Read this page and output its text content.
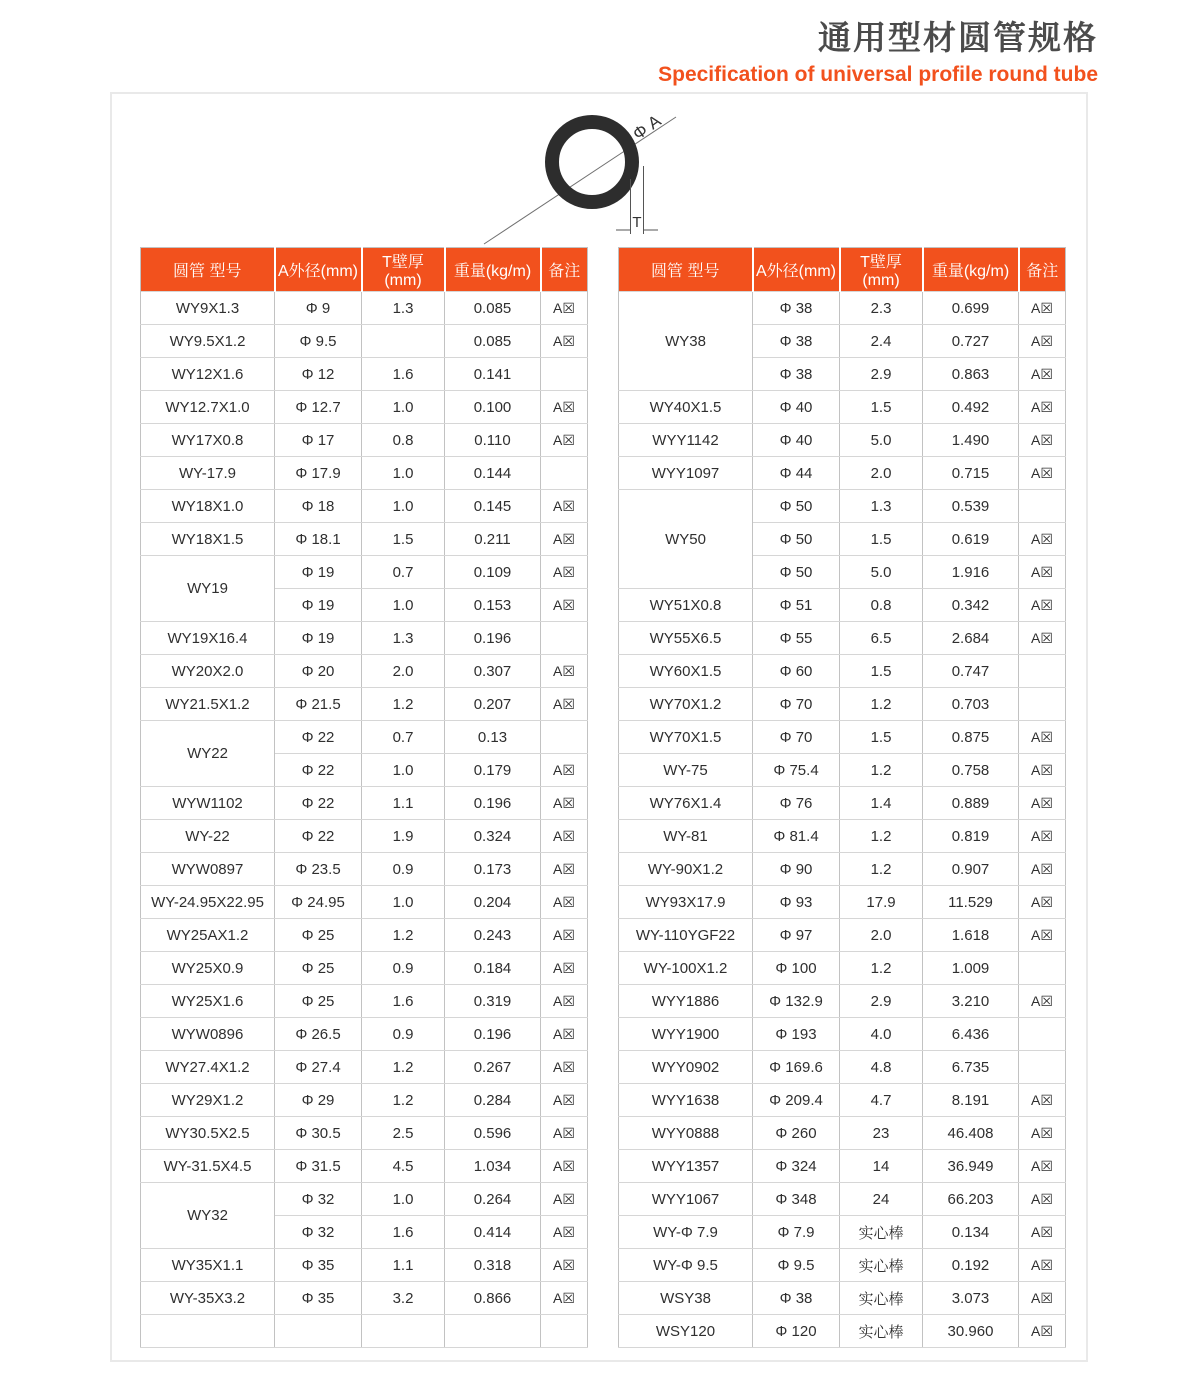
通用型材圆管规格
Specification of universal profile round tube
Φ A
T
圆管 型号	A外径(mm)	T壁厚(mm)	重量(kg/m)	备注
WY9X1.3	Φ 9	1.3	0.085	A☒
WY9.5X1.2	Φ 9.5		0.085	A☒
WY12X1.6	Φ 12	1.6	0.141	
WY12.7X1.0	Φ 12.7	1.0	0.100	A☒
WY17X0.8	Φ 17	0.8	0.110	A☒
WY-17.9	Φ 17.9	1.0	0.144	
WY18X1.0	Φ 18	1.0	0.145	A☒
WY18X1.5	Φ 18.1	1.5	0.211	A☒
WY19	Φ 19	0.7	0.109	A☒
	Φ 19	1.0	0.153	A☒
WY19X16.4	Φ 19	1.3	0.196	
WY20X2.0	Φ 20	2.0	0.307	A☒
WY21.5X1.2	Φ 21.5	1.2	0.207	A☒
WY22	Φ 22	0.7	0.13	
	Φ 22	1.0	0.179	A☒
WYW1102	Φ 22	1.1	0.196	A☒
WY-22	Φ 22	1.9	0.324	A☒
WYW0897	Φ 23.5	0.9	0.173	A☒
WY-24.95X22.95	Φ 24.95	1.0	0.204	A☒
WY25AX1.2	Φ 25	1.2	0.243	A☒
WY25X0.9	Φ 25	0.9	0.184	A☒
WY25X1.6	Φ 25	1.6	0.319	A☒
WYW0896	Φ 26.5	0.9	0.196	A☒
WY27.4X1.2	Φ 27.4	1.2	0.267	A☒
WY29X1.2	Φ 29	1.2	0.284	A☒
WY30.5X2.5	Φ 30.5	2.5	0.596	A☒
WY-31.5X4.5	Φ 31.5	4.5	1.034	A☒
WY32	Φ 32	1.0	0.264	A☒
	Φ 32	1.6	0.414	A☒
WY35X1.1	Φ 35	1.1	0.318	A☒
WY-35X3.2	Φ 35	3.2	0.866	A☒

圆管 型号	A外径(mm)	T壁厚(mm)	重量(kg/m)	备注
WY38	Φ 38	2.3	0.699	A☒
	Φ 38	2.4	0.727	A☒
	Φ 38	2.9	0.863	A☒
WY40X1.5	Φ 40	1.5	0.492	A☒
WYY1142	Φ 40	5.0	1.490	A☒
WYY1097	Φ 44	2.0	0.715	A☒
WY50	Φ 50	1.3	0.539	
	Φ 50	1.5	0.619	A☒
	Φ 50	5.0	1.916	A☒
WY51X0.8	Φ 51	0.8	0.342	A☒
WY55X6.5	Φ 55	6.5	2.684	A☒
WY60X1.5	Φ 60	1.5	0.747	
WY70X1.2	Φ 70	1.2	0.703	
WY70X1.5	Φ 70	1.5	0.875	A☒
WY-75	Φ 75.4	1.2	0.758	A☒
WY76X1.4	Φ 76	1.4	0.889	A☒
WY-81	Φ 81.4	1.2	0.819	A☒
WY-90X1.2	Φ 90	1.2	0.907	A☒
WY93X17.9	Φ 93	17.9	11.529	A☒
WY-110YGF22	Φ 97	2.0	1.618	A☒
WY-100X1.2	Φ 100	1.2	1.009	
WYY1886	Φ 132.9	2.9	3.210	A☒
WYY1900	Φ 193	4.0	6.436	
WYY0902	Φ 169.6	4.8	6.735	
WYY1638	Φ 209.4	4.7	8.191	A☒
WYY0888	Φ 260	23	46.408	A☒
WYY1357	Φ 324	14	36.949	A☒
WYY1067	Φ 348	24	66.203	A☒
WY-Φ 7.9	Φ 7.9	实心棒	0.134	A☒
WY-Φ 9.5	Φ 9.5	实心棒	0.192	A☒
WSY38	Φ 38	实心棒	3.073	A☒
WSY120	Φ 120	实心棒	30.960	A☒
